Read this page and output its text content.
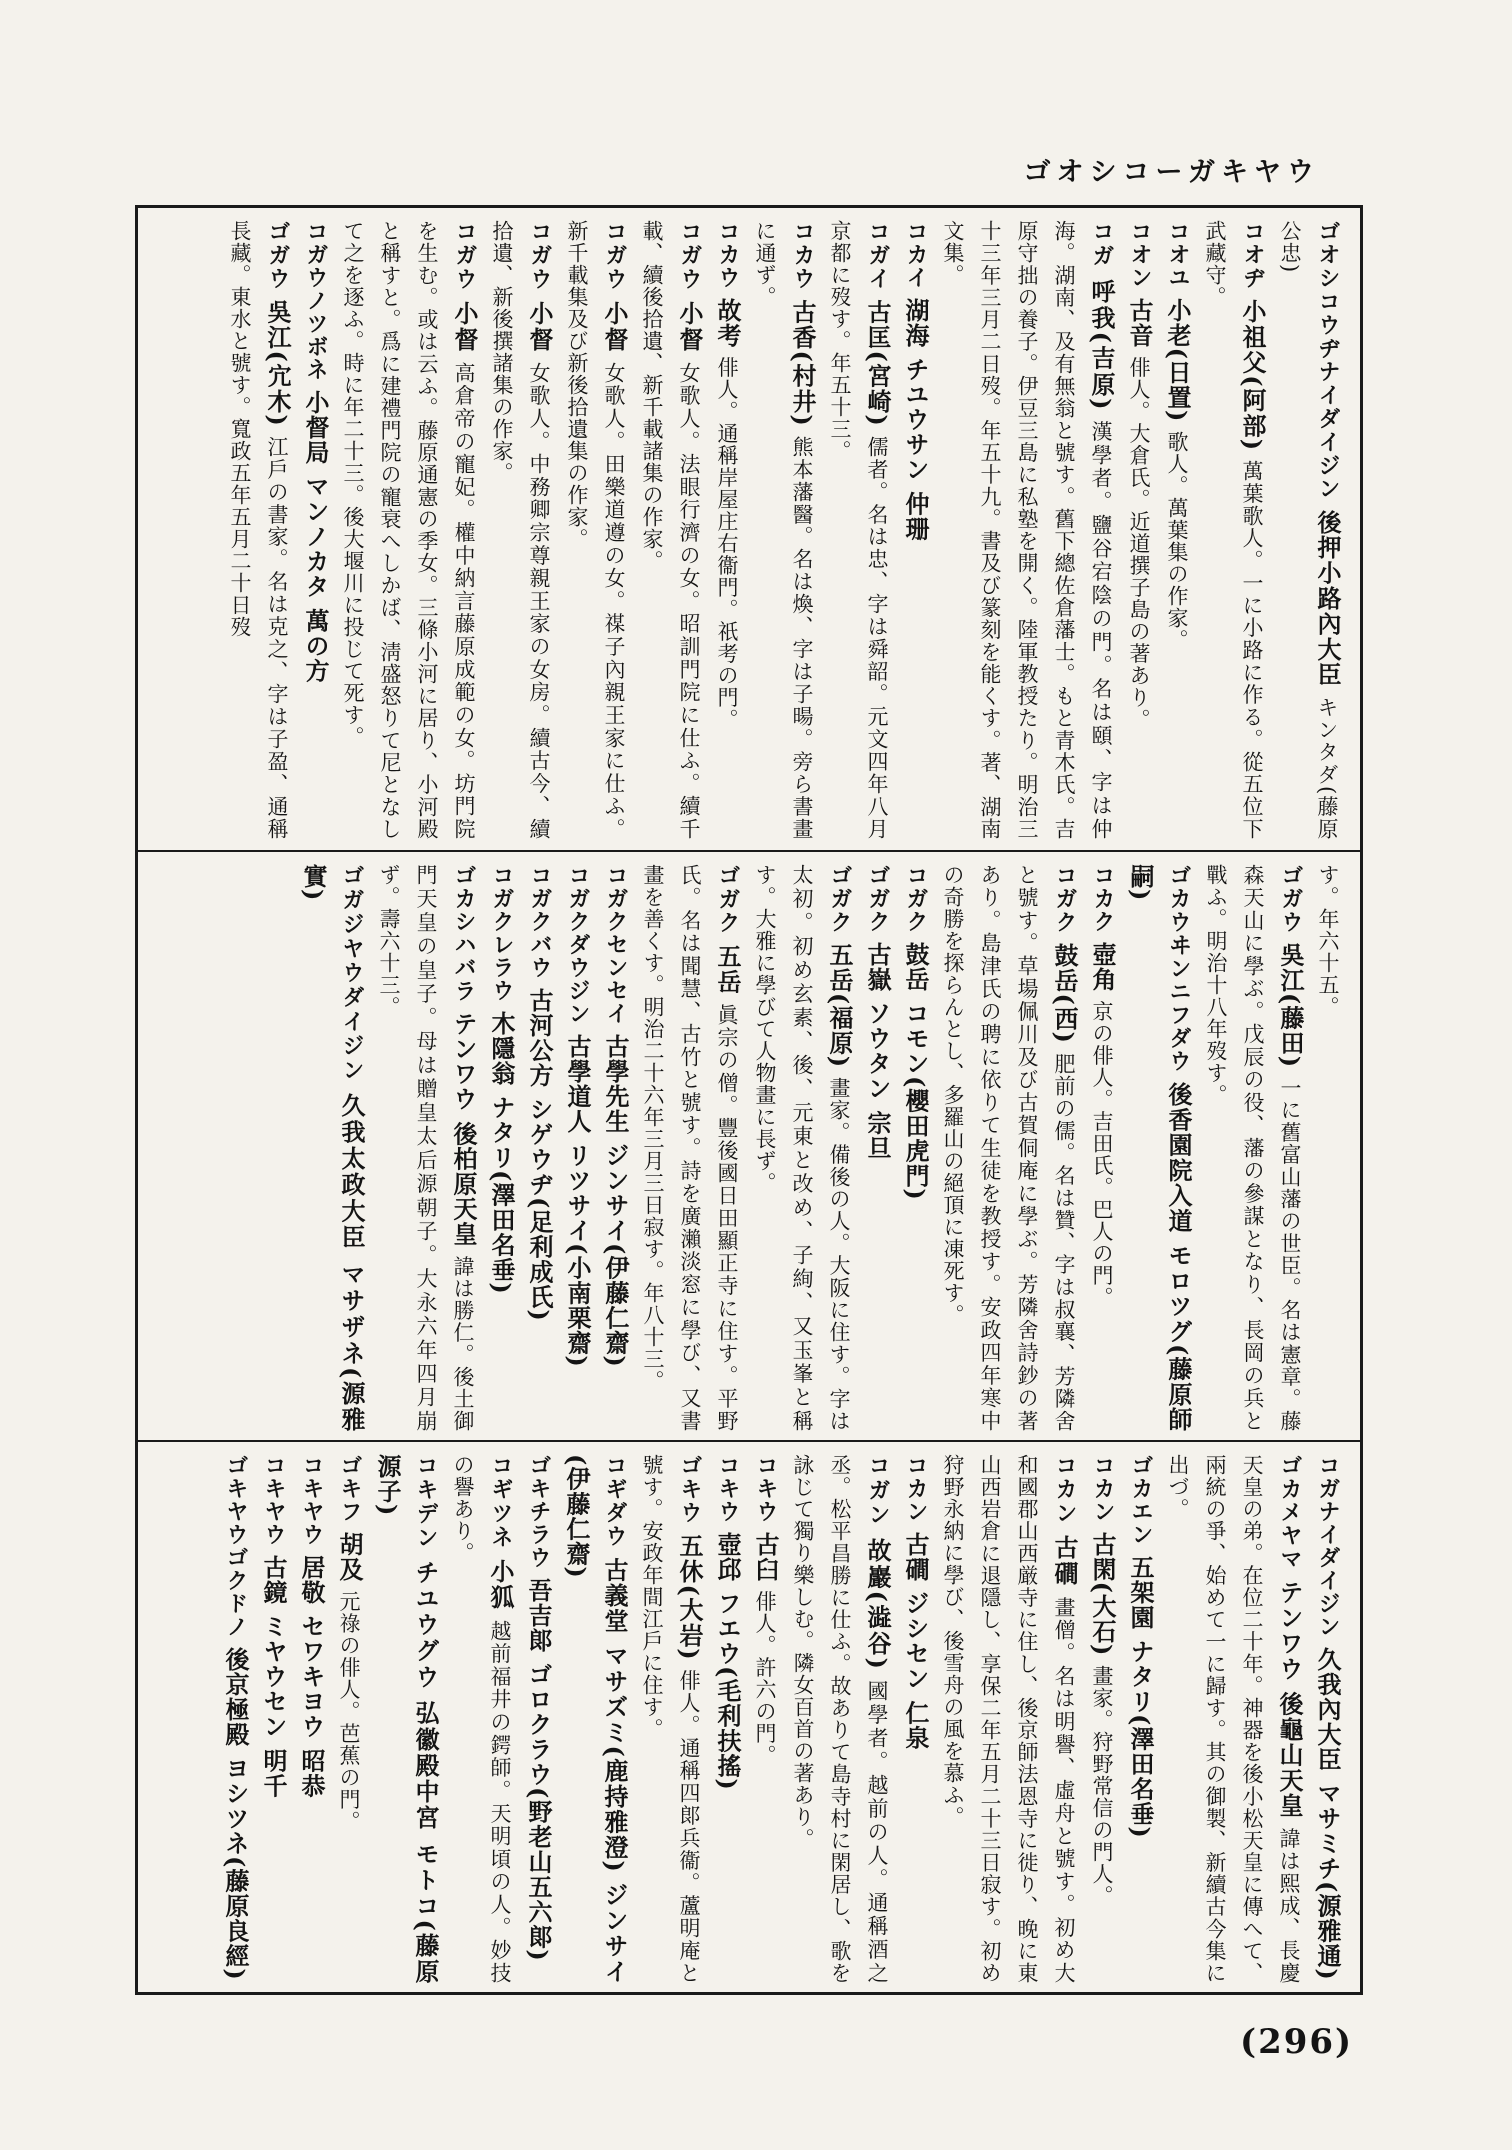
ゴオシコーガキヤウ

ゴオシコウヂナイダイジン 後押小路內大臣 キンタダ(藤原公忠)

コオヂ 小祖父(阿部) 萬葉歌人。一に小路に作る。從五位下武藏守。

コオユ 小老(日置) 歌人。萬葉集の作家。

コオン 古音 俳人。大倉氏。近道撰子島の著あり。

コガ 呼我(吉原) 漢學者。鹽谷宕陰の門。名は頤、字は仲海。湖南、及有無翁と號す。舊下總佐倉藩士。もと青木氏。吉原守拙の養子。伊豆三島に私塾を開く。陸軍教授たり。明治三十三年三月二日歿。年五十九。書及び篆刻を能くす。著、湖南文集。

コカイ 湖海 チユウサン 仲珊

コガイ 古匡(宮崎) 儒者。名は忠、字は舜韶。元文四年八月京都に歿す。年五十三。

コカウ 古香(村井) 熊本藩醫。名は煥、字は子暘。旁ら書畫に通ず。

コカウ 故考 俳人。通稱岸屋庄右衞門。祇考の門。

コガウ 小督 女歌人。法眼行濟の女。昭訓門院に仕ふ。續千載、續後拾遺、新千載諸集の作家。

コガウ 小督 女歌人。田樂道遵の女。禖子內親王家に仕ふ。新千載集及び新後拾遺集の作家。

コガウ 小督 女歌人。中務卿宗尊親王家の女房。續古今、續拾遺、新後撰諸集の作家。

コガウ 小督 高倉帝の寵妃。權中納言藤原成範の女。坊門院を生む。或は云ふ。藤原通憲の季女。三條小河に居り、小河殿と稱すと。爲に建禮門院の寵衰へしかば、淸盛怒りて尼となして之を逐ふ。時に年二十三。後大堰川に投じて死す。

コガウノツボネ 小督局 マンノカタ 萬の方

ゴガウ 吳江(宂木) 江戶の書家。名は克之、字は子盈、通稱長藏。東水と號す。寬政五年五月二十日歿

す。年六十五。

ゴガウ 吳江(藤田) 一に舊富山藩の世臣。名は憲章。藤森天山に學ぶ。戊辰の役、藩の參謀となり、長岡の兵と戰ふ。明治十八年歿す。

ゴカウヰンニフダウ 後香園院入道 モロツグ(藤原師嗣)

コカク 壺角 京の俳人。吉田氏。巴人の門。

コガク 鼓岳(西) 肥前の儒。名は贊、字は叔襄、芳隣舍と號す。草場佩川及び古賀侗庵に學ぶ。芳隣舍詩鈔の著あり。島津氏の聘に依りて生徒を教授す。安政四年寒中の奇勝を探らんとし、多羅山の絕頂に凍死す。

コガク 鼓岳 コモン(櫻田虎門)

ゴガク 古嶽 ソウタン 宗旦

ゴガク 五岳(福原) 畫家。備後の人。大阪に住す。字は太初。初め玄素、後、元東と改め、子絢、又玉峯と稱す。大雅に學びて人物畫に長ず。

ゴガク 五岳 眞宗の僧。豐後國日田顯正寺に住す。平野氏。名は聞慧、古竹と號す。詩を廣瀨淡窓に學び、又書畫を善くす。明治二十六年三月三日寂す。年八十三。

コガクセンセイ 古學先生 ジンサイ(伊藤仁齋)

コガクダウジン 古學道人 リツサイ(小南栗齋)

コガクバウ 古河公方 シゲウヂ(足利成氏)

コガクレラウ 木隱翁 ナタリ(澤田名垂)

ゴカシハバラ テンワウ 後柏原天皇 諱は勝仁。後土御門天皇の皇子。母は贈皇太后源朝子。大永六年四月崩ず。壽六十三。

ゴガジヤウダイジン 久我太政大臣 マサザネ(源雅實)

コガナイダイジン 久我內大臣 マサミチ(源雅通)

ゴカメヤマ テンワウ 後龜山天皇 諱は熙成、長慶天皇の弟。在位二十年。神器を後小松天皇に傳へて、兩統の爭、始めて一に歸す。其の御製、新續古今集に出づ。

ゴカエン 五架園 ナタリ(澤田名垂)

コカン 古閑(大石) 畫家。狩野常信の門人。

コカン 古磵 畫僧。名は明譽、虛舟と號す。初め大和國郡山西厳寺に住し、後京師法恩寺に徙り、晚に東山西岩倉に退隱し、享保二年五月二十三日寂す。初め狩野永納に學び、後雪舟の風を慕ふ。

コカン 古磵 ジシセン 仁泉

コガン 故巖(澁谷) 國學者。越前の人。通稱酒之丞。松平昌勝に仕ふ。故ありて島寺村に閑居し、歌を詠じて獨り樂しむ。隣女百首の著あり。

コキウ 古臼 俳人。許六の門。

コキウ 壺邱 フエウ(毛利扶搖)

ゴキウ 五休(大岩) 俳人。通稱四郞兵衞。蘆明庵と號す。安政年間江戶に住す。

コギダウ 古義堂 マサズミ(鹿持雅澄) ジンサイ(伊藤仁齋)

ゴキチラウ 吾吉郞 ゴロクラウ(野老山五六郞)

コギツネ 小狐 越前福井の鍔師。天明頃の人。妙技の譽あり。

コキデン チユウグウ 弘徽殿中宮 モトコ(藤原源子)

ゴキフ 胡及 元祿の俳人。芭蕉の門。

コキヤウ 居敬 セワキヨウ 昭恭

コキヤウ 古鏡 ミヤウセン 明千

ゴキヤウゴクドノ 後京極殿 ヨシツネ(藤原良經)

(296)
